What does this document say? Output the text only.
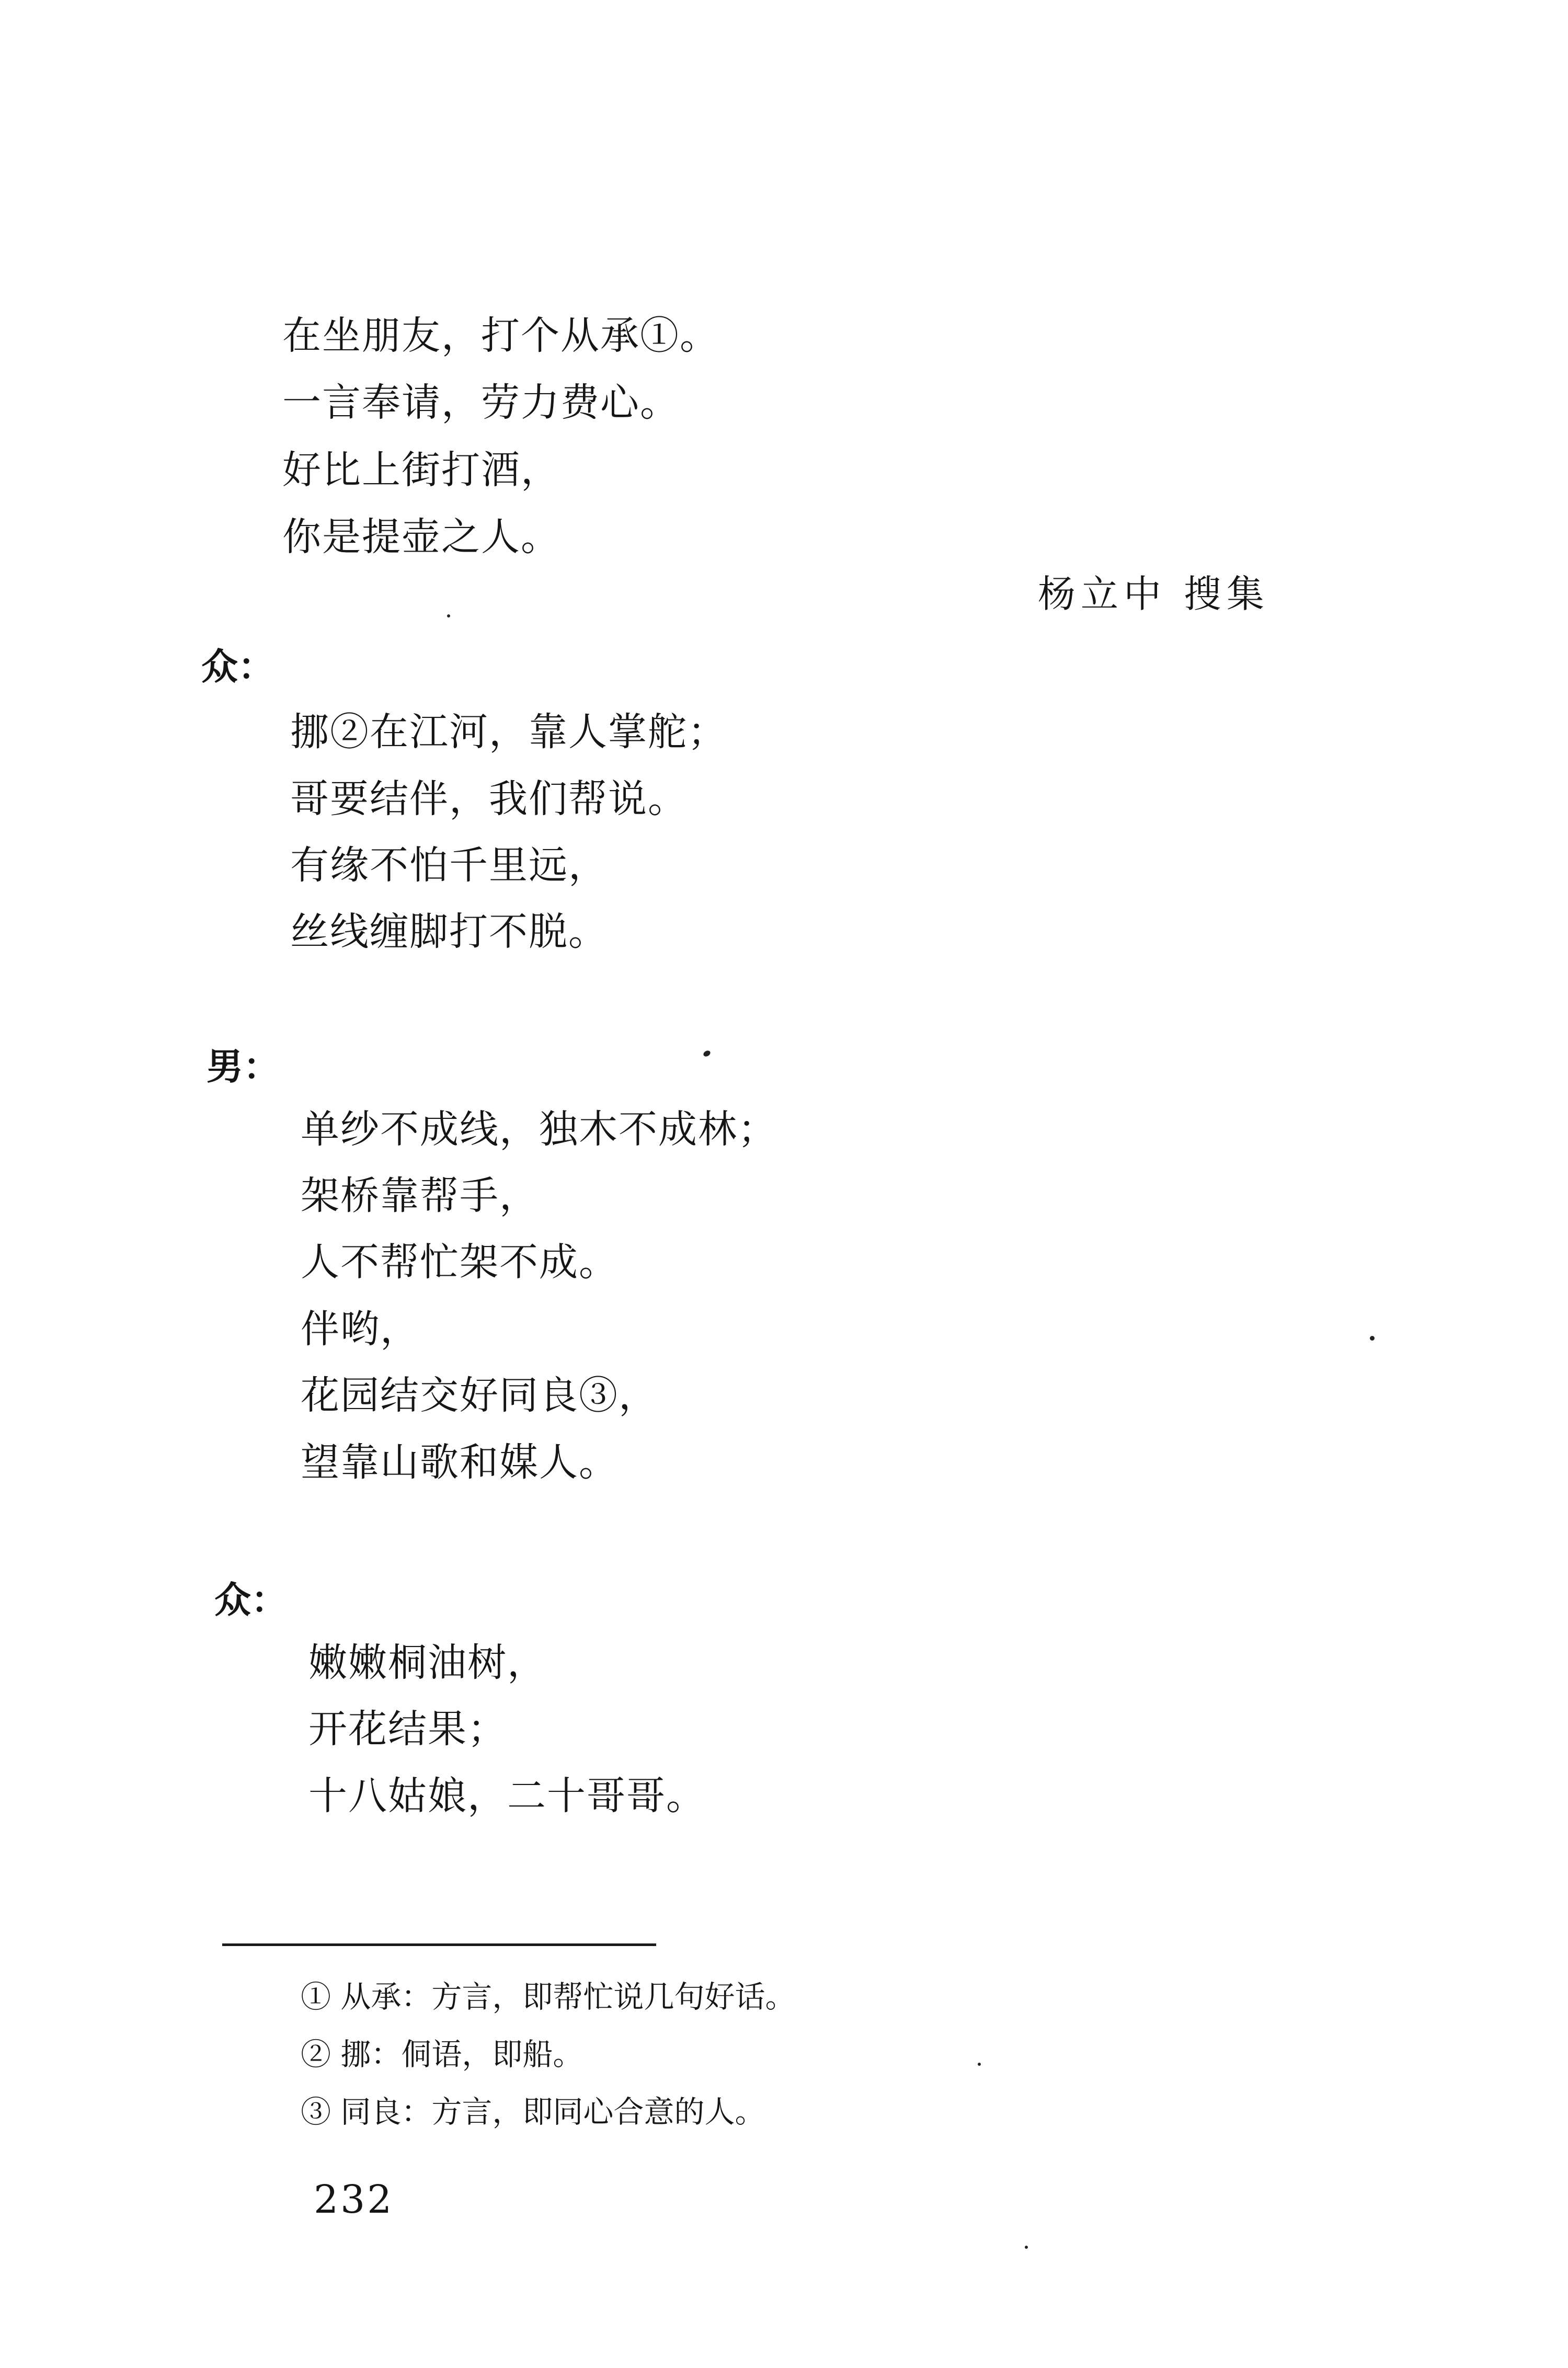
在坐朋友，打个从承①。
一言奉请，劳力费心。
好比上街打酒，
你是提壶之人。
杨立中 搜集
众：
挪②在江河，靠人掌舵；
哥要结伴，我们帮说。
有缘不怕千里远，
丝线缠脚打不脱。
男：
单纱不成线，独木不成林；
架桥靠帮手，
人不帮忙架不成。
伴哟，
花园结交好同良③，
望靠山歌和媒人。
众：
嫩嫩桐油树，
开花结果；
十八姑娘，二十哥哥。
① 从承：方言，即帮忙说几句好话。
② 挪：侗语，即船。
③ 同良：方言，即同心合意的人。
232
